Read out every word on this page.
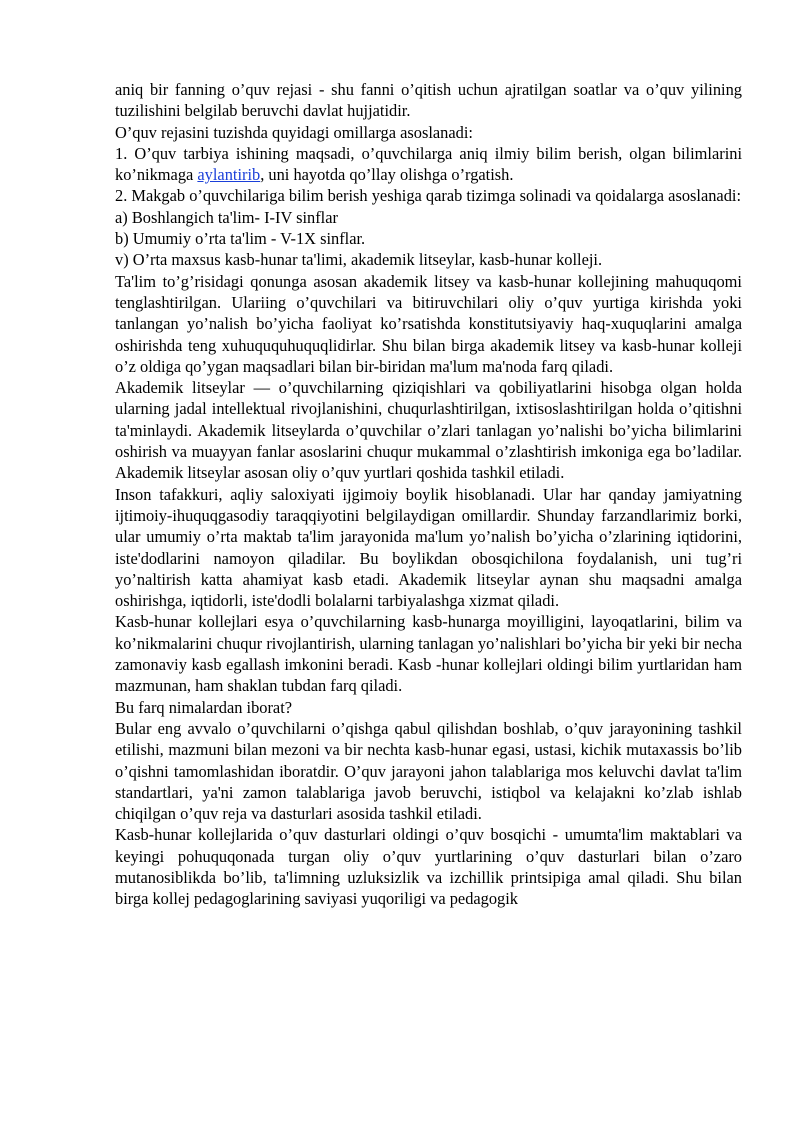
aniq bir fanning o’quv rejasi - shu fanni o’qitish uchun ajratilgan soatlar va o’quv yilining tuzilishini belgilab beruvchi davlat hujjatidir.

O’quv rejasini tuzishda quyidagi omillarga asoslanadi:

1. O’quv tarbiya ishining maqsadi, o’quvchilarga aniq ilmiy bilim berish, olgan bilimlarini ko’nikmaga aylantirib, uni hayotda qo’llay olishga o’rgatish.

2. Makgab o’quvchilariga bilim berish yeshiga qarab tizimga solinadi va qoidalarga asoslanadi:

a) Boshlangich ta'lim- I-IV sinflar

b) Umumiy o’rta ta'lim - V-1X sinflar.

v) O’rta maxsus kasb-hunar ta'limi, akademik litseylar, kasb-hunar kolleji.

Ta'lim to’g’risidagi qonunga asosan akademik litsey va kasb-hunar kollejining mahuquqomi tenglashtirilgan. Ulariing o’quvchilari va bitiruvchilari oliy o’quv yurtiga kirishda yoki tanlangan yo’nalish bo’yicha faoliyat ko’rsatishda konstitutsiyaviy haq-xuquqlarini amalga oshirishda teng xuhuququhuquqlidirlar. Shu bilan birga akademik litsey va kasb-hunar kolleji o’z oldiga qo’ygan maqsadlari bilan bir-biridan ma'lum ma'noda farq qiladi.

Akademik litseylar — o’quvchilarning qiziqishlari va qobiliyatlarini hisobga olgan holda ularning jadal intellektual rivojlanishini, chuqurlashtirilgan, ixtisoslashtirilgan holda o’qitishni ta'minlaydi. Akademik litseylarda o’quvchilar o’zlari tanlagan yo’nalishi bo’yicha bilimlarini oshirish va muayyan fanlar asoslarini chuqur mukammal o’zlashtirish imkoniga ega bo’ladilar. Akademik litseylar asosan oliy o’quv yurtlari qoshida tashkil etiladi.

Inson tafakkuri, aqliy saloxiyati ijgimoiy boylik hisoblanadi. Ular har qanday jamiyatning ijtimoiy-ihuquqgasodiy taraqqiyotini belgilaydigan omillardir. Shunday farzandlarimiz borki, ular umumiy o’rta maktab ta'lim jarayonida ma'lum yo’nalish bo’yicha o’zlarining iqtidorini, iste'dodlarini namoyon qiladilar. Bu boylikdan obosqichilona foydalanish, uni tug’ri yo’naltirish katta ahamiyat kasb etadi. Akademik litseylar aynan shu maqsadni amalga oshirishga, iqtidorli, iste'dodli bolalarni tarbiyalashga xizmat qiladi.

Kasb-hunar kollejlari esya o’quvchilarning kasb-hunarga moyilligini, layoqatlarini, bilim va ko’nikmalarini chuqur rivojlantirish, ularning tanlagan yo’nalishlari bo’yicha bir yeki bir necha zamonaviy kasb egallash imkonini beradi. Kasb -hunar kollejlari oldingi bilim yurtlaridan ham mazmunan, ham shaklan tubdan farq qiladi.

Bu farq nimalardan iborat?

Bular eng avvalo o’quvchilarni o’qishga qabul qilishdan boshlab, o’quv jarayonining tashkil etilishi, mazmuni bilan mezoni va bir nechta kasb-hunar egasi, ustasi, kichik mutaxassis bo’lib o’qishni tamomlashidan iboratdir. O’quv jarayoni jahon talablariga mos keluvchi davlat ta'lim standartlari, ya'ni zamon talablariga javob beruvchi, istiqbol va kelajakni ko’zlab ishlab chiqilgan o’quv reja va dasturlari asosida tashkil etiladi.

Kasb-hunar kollejlarida o’quv dasturlari oldingi o’quv bosqichi - umumta'lim maktablari va keyingi pohuquqonada turgan oliy o’quv yurtlarining o’quv dasturlari bilan o’zaro mutanosiblikda bo’lib, ta'limning uzluksizlik va izchillik printsipiga amal qiladi. Shu bilan birga kollej pedagoglarining saviyasi yuqoriligi va pedagogik
